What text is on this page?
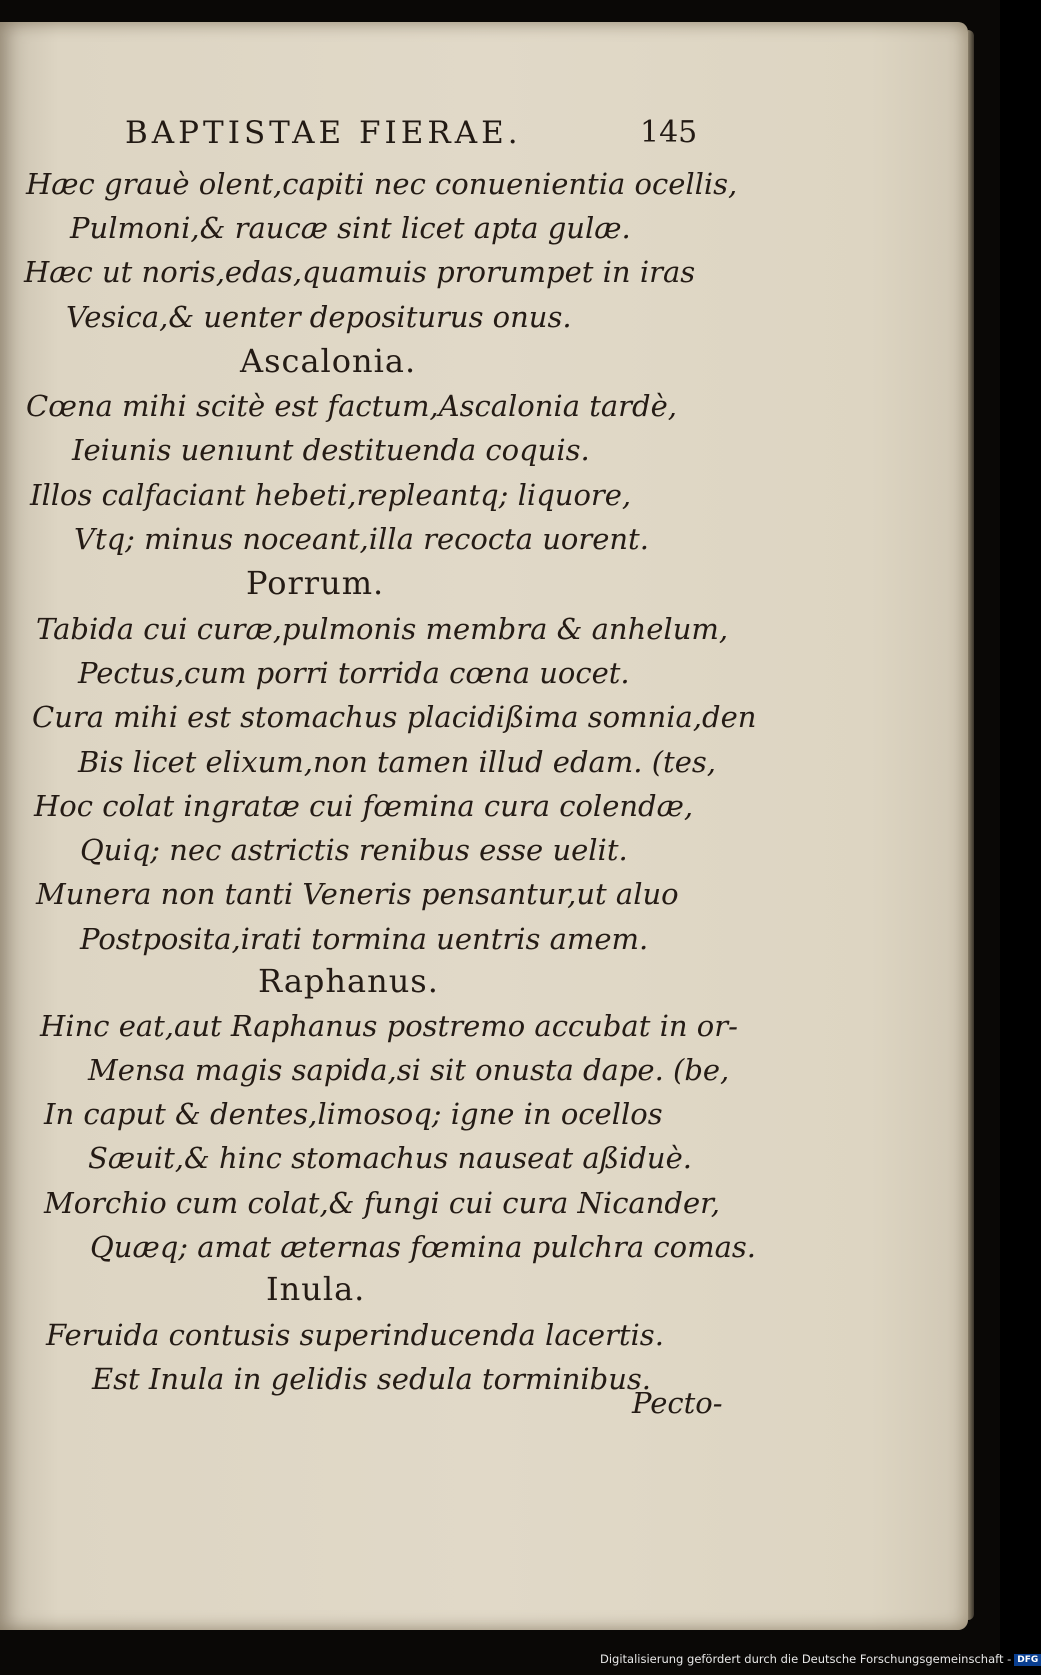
BAPTISTAE FIERAE.	145
Hæc grauè olent,capiti nec conuenientia ocellis,
Pulmoni,& raucæ sint licet apta gulæ.
Hæc ut noris,edas,quamuis prorumpet in iras
Vesica,& uenter depositurus onus.
Ascalonia.
Cœna mihi scitè est factum,Ascalonia tardè,
Ieiunis uenıunt destituenda coquis.
Illos calfaciant hebeti,repleantq; liquore,
Vtq; minus noceant,illa recocta uorent.
Porrum.
Tabida cui curæ,pulmonis membra & anhelum,
Pectus,cum porri torrida cœna uocet.
Cura mihi est stomachus placidißima somnia,den
Bis licet elixum,non tamen illud edam. (tes,
Hoc colat ingratæ cui fœmina cura colendæ,
Quiq; nec astrictis renibus esse uelit.
Munera non tanti Veneris pensantur,ut aluo
Postposita,irati tormina uentris amem.
Raphanus.
Hinc eat,aut Raphanus postremo accubat in or-
Mensa magis sapida,si sit onusta dape. (be,
In caput & dentes,limosoq; igne in ocellos
Sæuit,& hinc stomachus nauseat aßiduè.
Morchio cum colat,& fungi cui cura Nicander,
Quæq; amat æternas fœmina pulchra comas.
Inula.
Feruida contusis superinducenda lacertis.
Est Inula in gelidis sedula torminibus.
Pecto-
Digitalisierung gefördert durch die Deutsche Forschungsgemeinschaft - DFG
